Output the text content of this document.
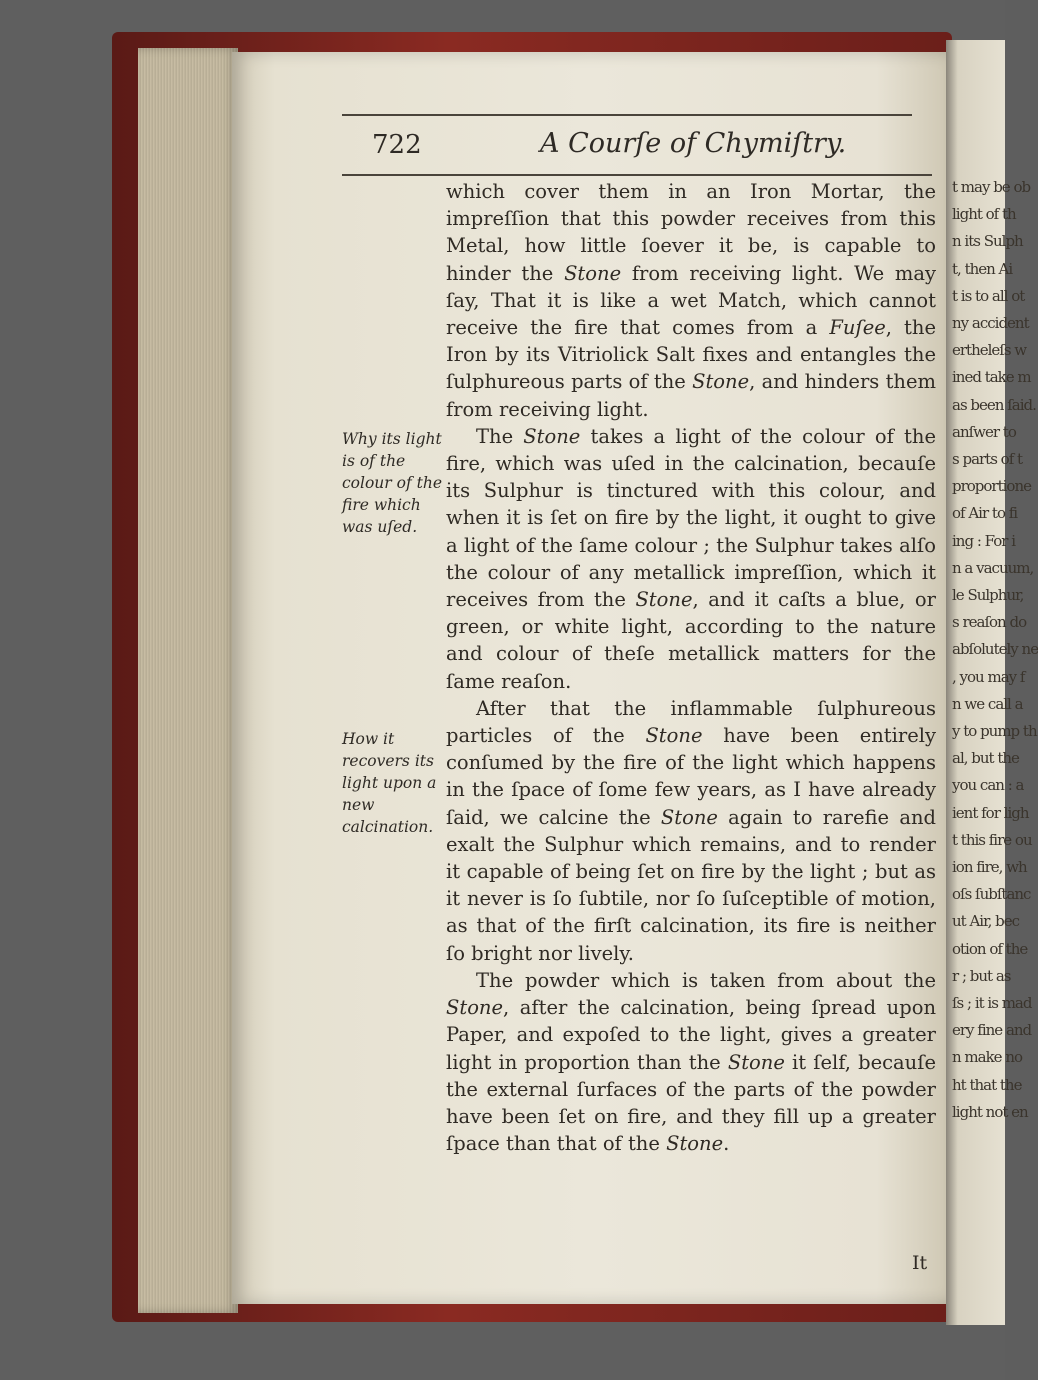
722	A Courſe of Chymiſtry.
Why its light is of the colour of the fire which was uſed.
How it recovers its light upon a new calcination.

which cover them in an Iron Mortar, the impreſſion that this powder receives from this Metal, how little ſoever it be, is capable to hinder the Stone from receiving light. We may ſay, That it is like a wet Match, which cannot receive the fire that comes from a Fuſee, the Iron by its Vitriolick Salt fixes and entangles the ſulphureous parts of the Stone, and hinders them from receiving light.

The Stone takes a light of the colour of the fire, which was uſed in the calcination, becauſe its Sulphur is tinctured with this colour, and when it is ſet on fire by the light, it ought to give a light of the ſame colour ; the Sulphur takes alſo the colour of any metallick impreſſion, which it receives from the Stone, and it caſts a blue, or green, or white light, according to the nature and colour of theſe metallick matters for the ſame reaſon.

After that the inflammable ſulphureous particles of the Stone have been entirely conſumed by the fire of the light which happens in the ſpace of ſome few years, as I have already ſaid, we calcine the Stone again to rarefie and exalt the Sulphur which remains, and to render it capable of being ſet on fire by the light ; but as it never is ſo ſubtile, nor ſo ſuſceptible of motion, as that of the firſt calcination, its fire is neither ſo bright nor lively.

The powder which is taken from about the Stone, after the calcination, being ſpread upon Paper, and expoſed to the light, gives a greater light in proportion than the Stone it ſelf, becauſe the external ſurfaces of the parts of the powder have been ſet on fire, and they fill up a greater ſpace than that of the Stone.

It
t may be ob
light of th
n its Sulph
t, then Ai
t is to all ot
ny accident
ertheleſs w
ined take m
as been ſaid.
anſwer to
s parts of t
proportione
of Air to fi
ing : For i
n a vacuum,
le Sulphur,
s reaſon do
abſolutely ne
, you may f
n we call a
y to pump th
al, but the
you can : a
ient for ligh
t this fire ou
ion fire, wh
oſs ſubſtanc
ut Air, bec
otion of the
r ; but as
ſs ; it is mad
ery fine and
n make no
ht that the
light not en
